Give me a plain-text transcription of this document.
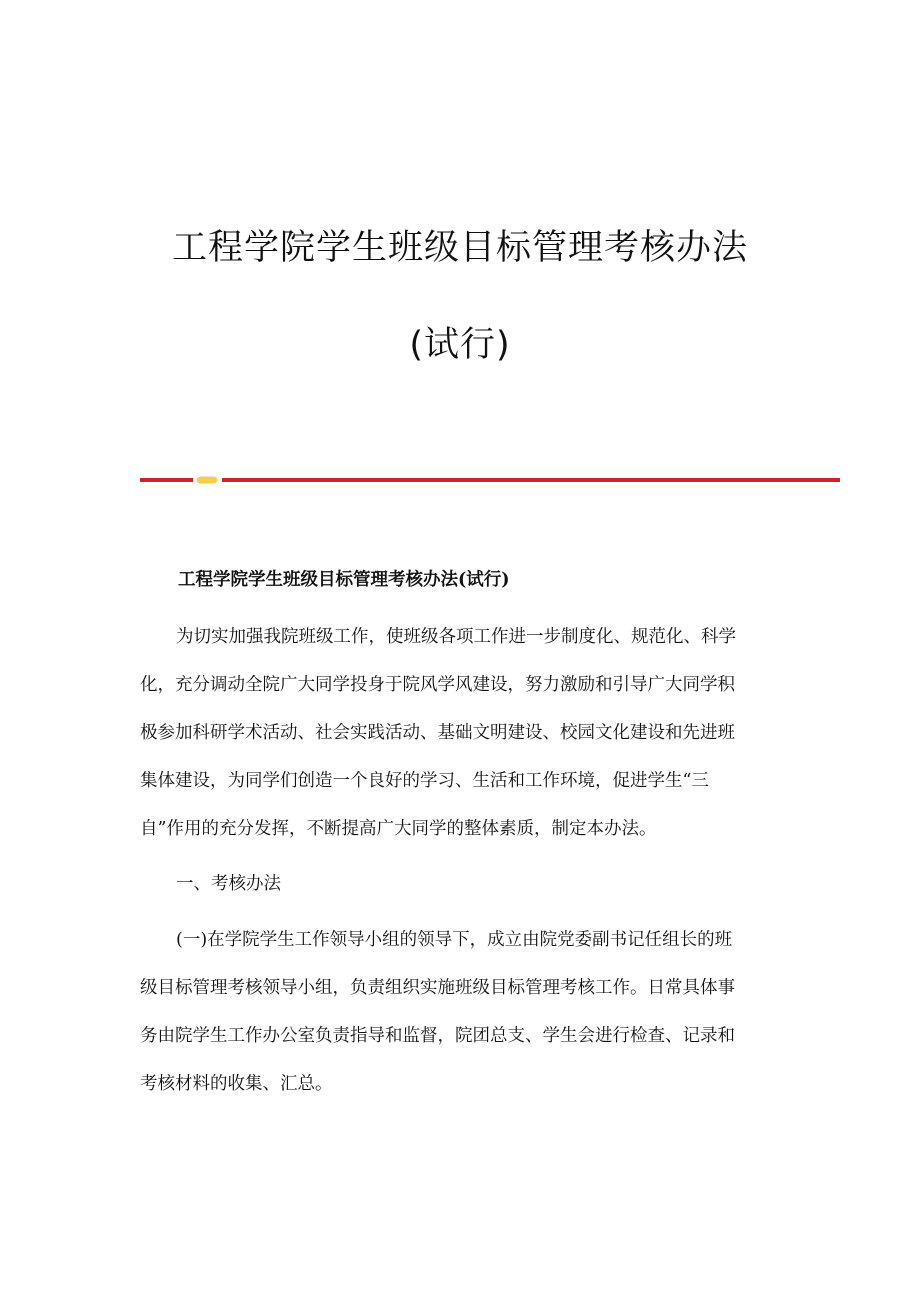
工程学院学生班级目标管理考核办法
(试行)
工程学院学生班级目标管理考核办法(试行)
为切实加强我院班级工作，使班级各项工作进一步制度化、规范化、科学
化，充分调动全院广大同学投身于院风学风建设，努力激励和引导广大同学积
极参加科研学术活动、社会实践活动、基础文明建设、校园文化建设和先进班
集体建设，为同学们创造一个良好的学习、生活和工作环境，促进学生“三
自”作用的充分发挥，不断提高广大同学的整体素质，制定本办法。
一、考核办法
(一)在学院学生工作领导小组的领导下，成立由院党委副书记任组长的班
级目标管理考核领导小组，负责组织实施班级目标管理考核工作。日常具体事
务由院学生工作办公室负责指导和监督，院团总支、学生会进行检查、记录和
考核材料的收集、汇总。
